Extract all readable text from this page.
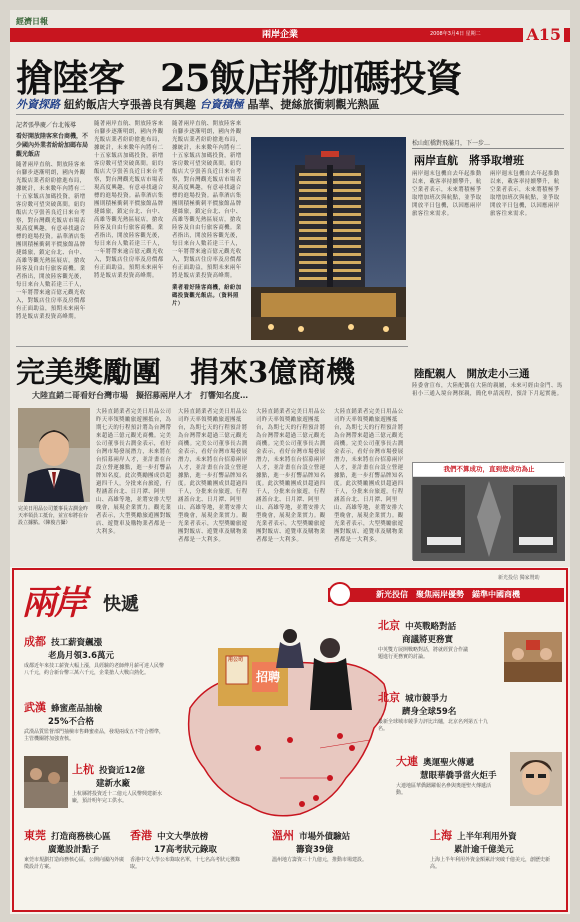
經濟日報
兩岸企業	2008年3月4日 星期二	A15
搶陸客　25飯店將加碼投資
外資探路 紐約飯店大亨張善良有興趣 台資積極 晶華、捷絲旅衝刺觀光熱區
記者張學慶／台北報導
看好開放陸客來台商機，不少國內外業者紛紛加碼布局觀光飯店
隨著兩岸直航、開放陸客來台腳步逐漸明朗，國內外觀光飯店業者紛紛搶進布局，據統計，未來數年內將有二十五家飯店加碼投資，新增客房數可望突破萬間。紐約飯店大亨張善良近日來台考察，對台灣觀光飯店市場表現高度興趣，有意尋找適合標的進場投資。晶華酒店集團則積極衝刺平價旅館品牌捷絲旅，鎖定台北、台中、高雄等觀光熱區展店，搶攻陸客及自由行旅客商機。業者指出，開放陸客觀光後，每日來台人數若達三千人，一年將帶來逾百億元觀光收入，對飯店住房率及房價都有正面助益，預期未來兩年將是飯店業投資高峰期。
隨著兩岸直航、開放陸客來台腳步逐漸明朗，國內外觀光飯店業者紛紛搶進布局，據統計，未來數年內將有二十五家飯店加碼投資，新增客房數可望突破萬間。紐約飯店大亨張善良近日來台考察，對台灣觀光飯店市場表現高度興趣，有意尋找適合標的進場投資。晶華酒店集團則積極衝刺平價旅館品牌捷絲旅，鎖定台北、台中、高雄等觀光熱區展店，搶攻陸客及自由行旅客商機。業者指出，開放陸客觀光後，每日來台人數若達三千人，一年將帶來逾百億元觀光收入，對飯店住房率及房價都有正面助益，預期未來兩年將是飯店業投資高峰期。
隨著兩岸直航、開放陸客來台腳步逐漸明朗，國內外觀光飯店業者紛紛搶進布局，據統計，未來數年內將有二十五家飯店加碼投資，新增客房數可望突破萬間。紐約飯店大亨張善良近日來台考察，對台灣觀光飯店市場表現高度興趣，有意尋找適合標的進場投資。晶華酒店集團則積極衝刺平價旅館品牌捷絲旅，鎖定台北、台中、高雄等觀光熱區展店，搶攻陸客及自由行旅客商機。業者指出，開放陸客觀光後，每日來台人數若達三千人，一年將帶來逾百億元觀光收入，對飯店住房率及房價都有正面助益，預期未來兩年將是飯店業投資高峰期。
業者看好陸客商機，紛紛加碼投資觀光飯店。（資料照片）
松山虹橋對飛滿月，下一步…
兩岸直航　將爭取增班
兩岸週末包機自去年起推動以來，載客率持續攀升，航空業者表示，未來將積極爭取增加班次與航點，並爭取開放平日包機，以因應兩岸旅客往來需求。
兩岸週末包機自去年起推動以來，載客率持續攀升，航空業者表示，未來將積極爭取增加班次與航點，並爭取開放平日包機，以因應兩岸旅客往來需求。
完美獎勵團　捐來3億商機
大陸直銷二哥看好台灣市場　擬招募兩岸人才　打響知名度…
完美日用品公司董事長古潤金昨天率領員工抵台，並宣布將在台設立據點。（陳俊吉攝）
大陸直銷業者完美日用品公司昨天率領獎勵旅遊團抵台，為期七天的行程預計將為台灣帶來超過三億元觀光商機。完美公司董事長古潤金表示，看好台灣市場發展潛力，未來將在台招募兩岸人才，並計畫在台設立營運據點，進一步打響品牌知名度。此次獎勵團成員超過四千人，分批來台旅遊，行程涵蓋台北、日月潭、阿里山、高雄等地，並將安排大型晚會，展現企業實力。觀光業者表示，大型獎勵旅遊團對飯店、遊覽車及購物業者都是一大利多。
大陸直銷業者完美日用品公司昨天率領獎勵旅遊團抵台，為期七天的行程預計將為台灣帶來超過三億元觀光商機。完美公司董事長古潤金表示，看好台灣市場發展潛力，未來將在台招募兩岸人才，並計畫在台設立營運據點，進一步打響品牌知名度。此次獎勵團成員超過四千人，分批來台旅遊，行程涵蓋台北、日月潭、阿里山、高雄等地，並將安排大型晚會，展現企業實力。觀光業者表示，大型獎勵旅遊團對飯店、遊覽車及購物業者都是一大利多。
大陸直銷業者完美日用品公司昨天率領獎勵旅遊團抵台，為期七天的行程預計將為台灣帶來超過三億元觀光商機。完美公司董事長古潤金表示，看好台灣市場發展潛力，未來將在台招募兩岸人才，並計畫在台設立營運據點，進一步打響品牌知名度。此次獎勵團成員超過四千人，分批來台旅遊，行程涵蓋台北、日月潭、阿里山、高雄等地，並將安排大型晚會，展現企業實力。觀光業者表示，大型獎勵旅遊團對飯店、遊覽車及購物業者都是一大利多。
大陸直銷業者完美日用品公司昨天率領獎勵旅遊團抵台，為期七天的行程預計將為台灣帶來超過三億元觀光商機。完美公司董事長古潤金表示，看好台灣市場發展潛力，未來將在台招募兩岸人才，並計畫在台設立營運據點，進一步打響品牌知名度。此次獎勵團成員超過四千人，分批來台旅遊，行程涵蓋台北、日月潭、阿里山、高雄等地，並將安排大型晚會，展現企業實力。觀光業者表示，大型獎勵旅遊團對飯店、遊覽車及購物業者都是一大利多。
陸配親人　開放走小三通
陸委會宣布，大陸配偶在大陸的親屬，未來可經由金門、馬祖小三通入境台灣探親，簡化申請流程，預計下月起實施。
我們不算成功，直到您成功為止
新光投信 獨家贊助
兩岸 快遞	新光投信　聚焦兩岸優勢　錨準中國商機
用公司
招聘
成都 技工薪資飆漲
老鳥月領3.6萬元
成都近年來技工薪資大幅上漲，具經驗的老師傅月薪可達人民幣八千元，約合新台幣三萬六千元，企業搶人大戰白熱化。
武漢 蜂蜜產品抽檢
25%不合格
武漢品質監督部門抽檢市售蜂蜜產品，發現兩成五不符合標準，主管機關將加強查核。
上杭 投資近12億
建新水廠
上杭縣將投資近十二億元人民幣興建新水廠，預計明年完工供水。
東莞 打造商務核心區
廣邀設計點子
東莞市規劃打造商務核心區，公開向國內外廣徵設計方案。
香港 中文大學放榜
17高考狀元錄取
香港中文大學公布錄取名單，十七名高考狀元獲錄取。
溫州 市場外債驗站
籌資39億
溫州地方籌資三十九億元，推動市場建設。
北京 中英戰略對話
商議將更務實
中英雙方展開戰略對話，將就經貿合作議題進行更務實的討論。
北京 城市競爭力
躋身全球59名
最新全球城市競爭力評比出爐，北京名列第五十九名。
大連 奧運聖火傳遞
慧眼華僑爭當火炬手
大連地區華僑踴躍報名參與奧運聖火傳遞活動。
上海 上半年利用外資
累計逾千億美元
上海上半年利用外資金額累計突破千億美元，創歷史新高。
